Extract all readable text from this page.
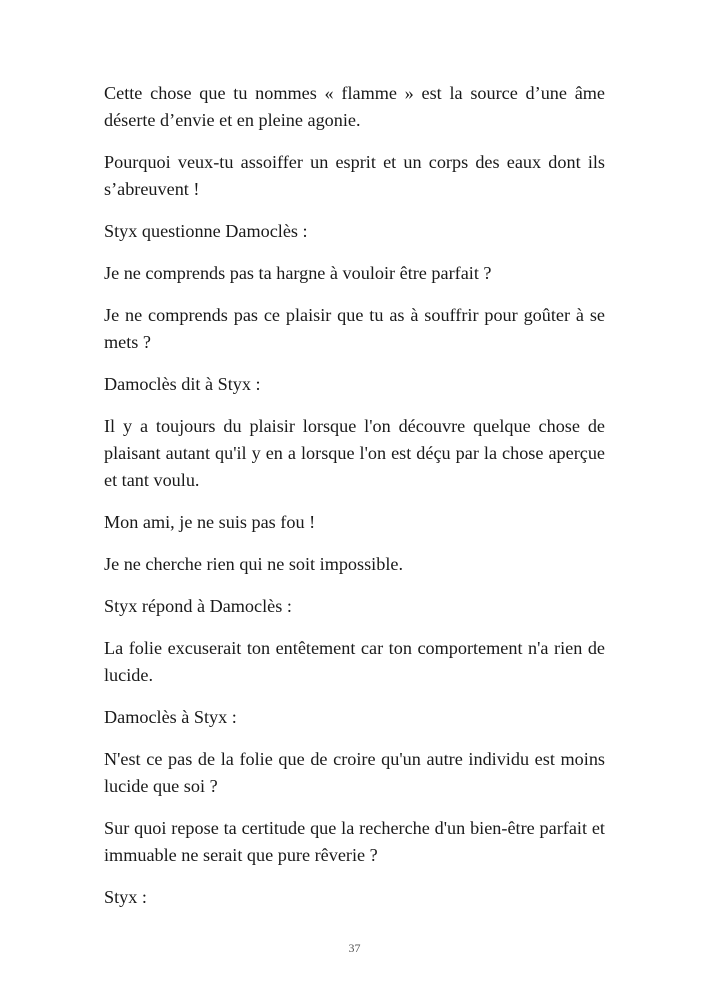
Cette chose que tu nommes « flamme » est la source d’une âme déserte d’envie et en pleine agonie.

Pourquoi veux-tu assoiffer un esprit et un corps des eaux dont ils s’abreuvent !

Styx questionne Damoclès :

Je ne comprends pas ta hargne à vouloir être parfait ?

Je ne comprends pas ce plaisir que tu as à souffrir pour goûter à se mets ?

Damoclès dit à Styx :

Il y a toujours du plaisir lorsque l'on découvre quelque chose de plaisant autant qu'il y en a lorsque l'on est déçu par la chose aperçue et tant voulu.

Mon ami, je ne suis pas fou !

Je ne cherche rien qui ne soit impossible.

Styx répond à Damoclès :

La folie excuserait ton entêtement car ton comportement n'a rien de lucide.

Damoclès à Styx :

N'est ce pas de la folie que de croire qu'un autre individu est moins lucide que soi ?

Sur quoi repose ta certitude que la recherche d'un bien-être parfait et immuable ne serait que pure rêverie ?

Styx :

37
